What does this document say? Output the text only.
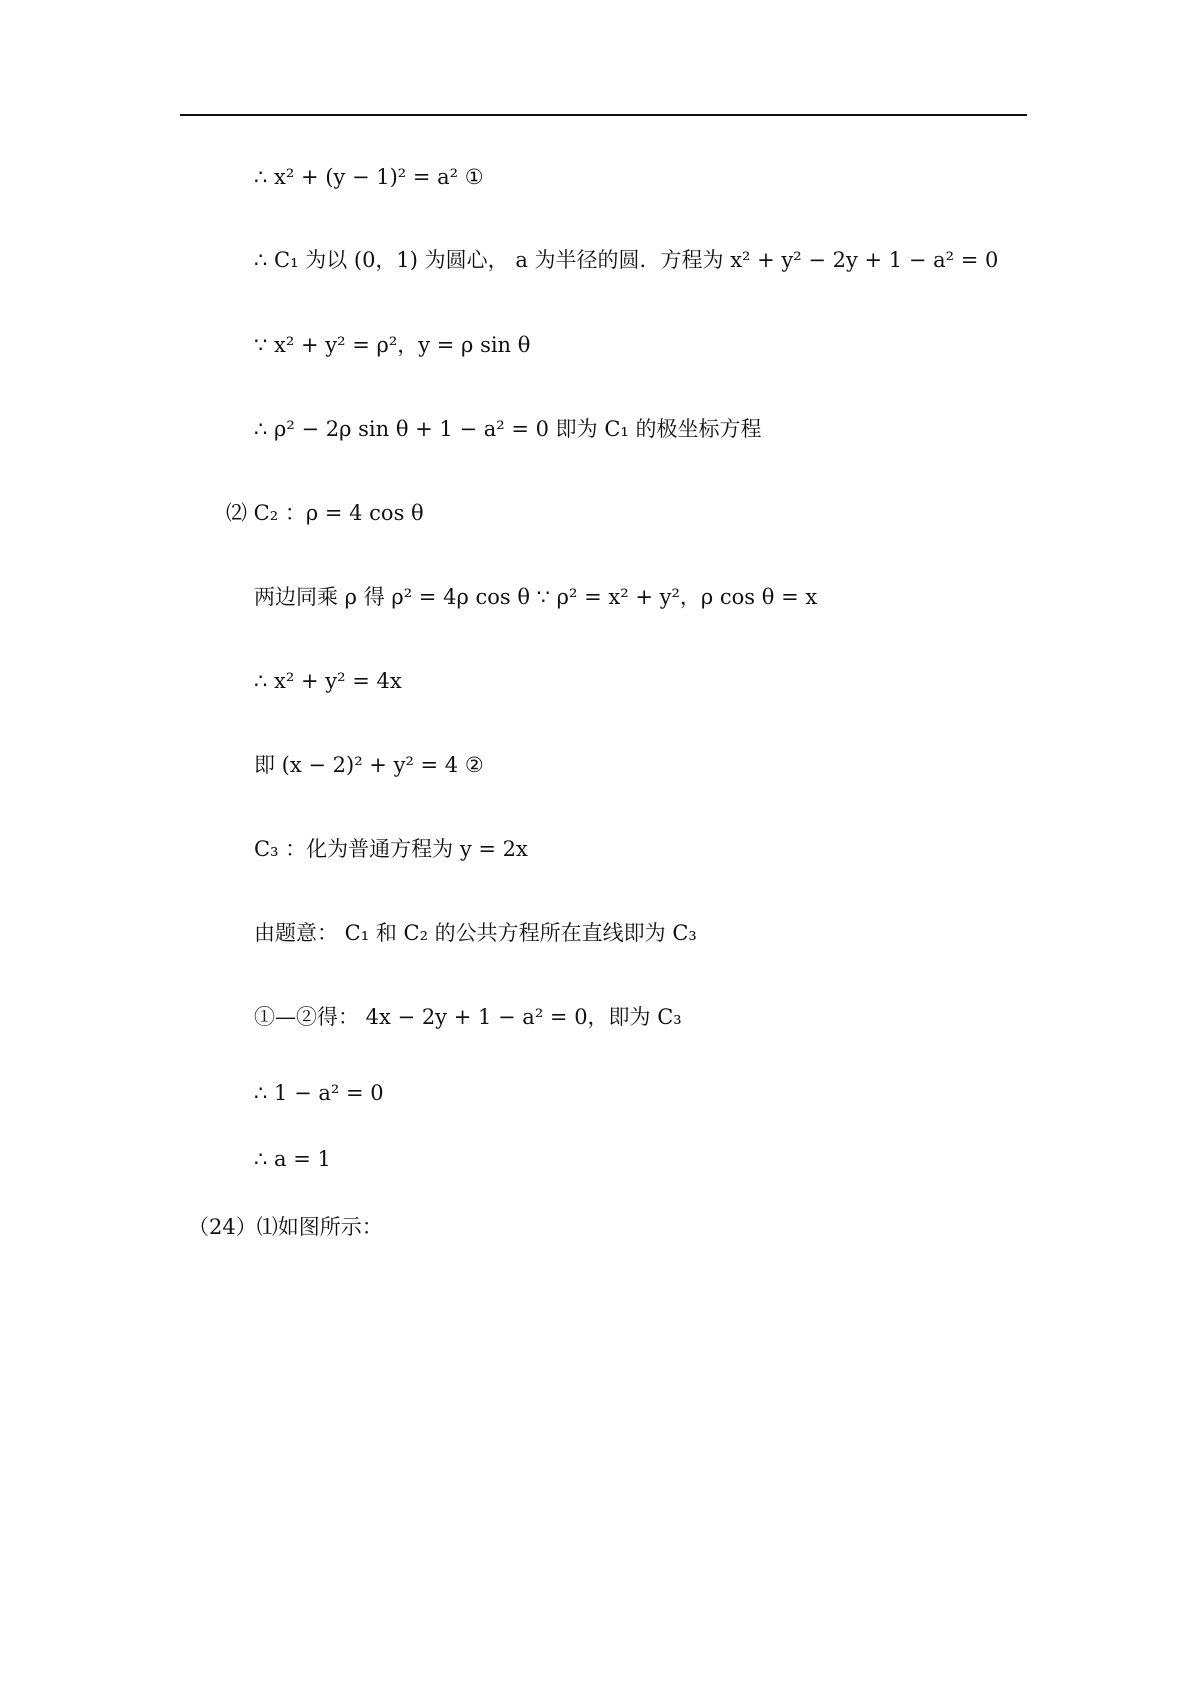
∴ x² + (y − 1)² = a² ①
∴ C₁ 为以 (0，1) 为圆心， a 为半径的圆．方程为 x² + y² − 2y + 1 − a² = 0
∵ x² + y² = ρ²，y = ρ sin θ
∴ ρ² − 2ρ sin θ + 1 − a² = 0 即为 C₁ 的极坐标方程
⑵ C₂ ：ρ = 4 cos θ
两边同乘 ρ 得 ρ² = 4ρ cos θ ∵ ρ² = x² + y²，ρ cos θ = x
∴ x² + y² = 4x
即 (x − 2)² + y² = 4 ②
C₃ ：化为普通方程为 y = 2x
由题意： C₁ 和 C₂ 的公共方程所在直线即为 C₃
①—②得： 4x − 2y + 1 − a² = 0，即为 C₃
∴ 1 − a² = 0
∴ a = 1
（24）⑴如图所示：
